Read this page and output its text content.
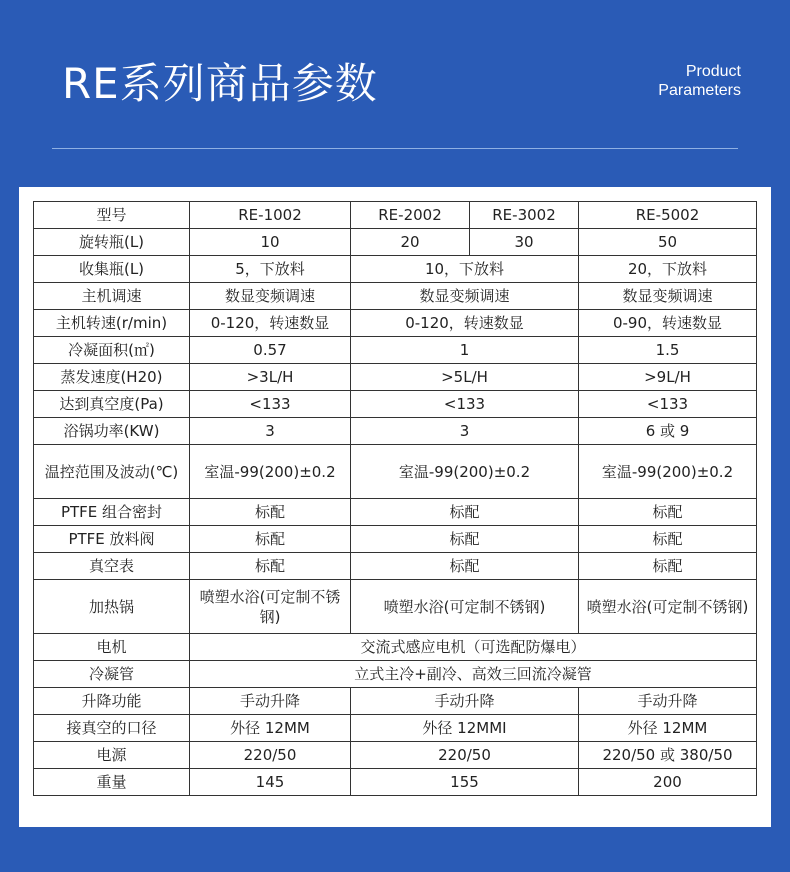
RE系列商品参数	Product
Parameters
型号	RE-1002	RE-2002	RE-3002	RE-5002
旋转瓶(L)	10	20	30	50
收集瓶(L)	5，下放料	10，下放料		20，下放料
主机调速	数显变频调速	数显变频调速		数显变频调速
主机转速(r/min)	0-120，转速数显	0-120，转速数显		0-90，转速数显
冷凝面积(㎡)	0.57	1		1.5
蒸发速度(H20)	>3L/H	>5L/H		>9L/H
达到真空度(Pa)	<133	<133		<133
浴锅功率(KW)	3	3		6 或 9
温控范围及波动(℃)	室温-99(200)±0.2	室温-99(200)±0.2		室温-99(200)±0.2
PTFE 组合密封	标配	标配		标配
PTFE 放料阀	标配	标配		标配
真空表	标配	标配		标配
加热锅	喷塑水浴(可定制不锈钢)	喷塑水浴(可定制不锈钢)		喷塑水浴(可定制不锈钢)
电机	交流式感应电机（可选配防爆电）			
冷凝管	立式主冷+副冷、高效三回流冷凝管			
升降功能	手动升降	手动升降		手动升降
接真空的口径	外径 12MM	外径 12MMI		外径 12MM
电源	220/50	220/50		220/50 或 380/50
重量	145	155		200
